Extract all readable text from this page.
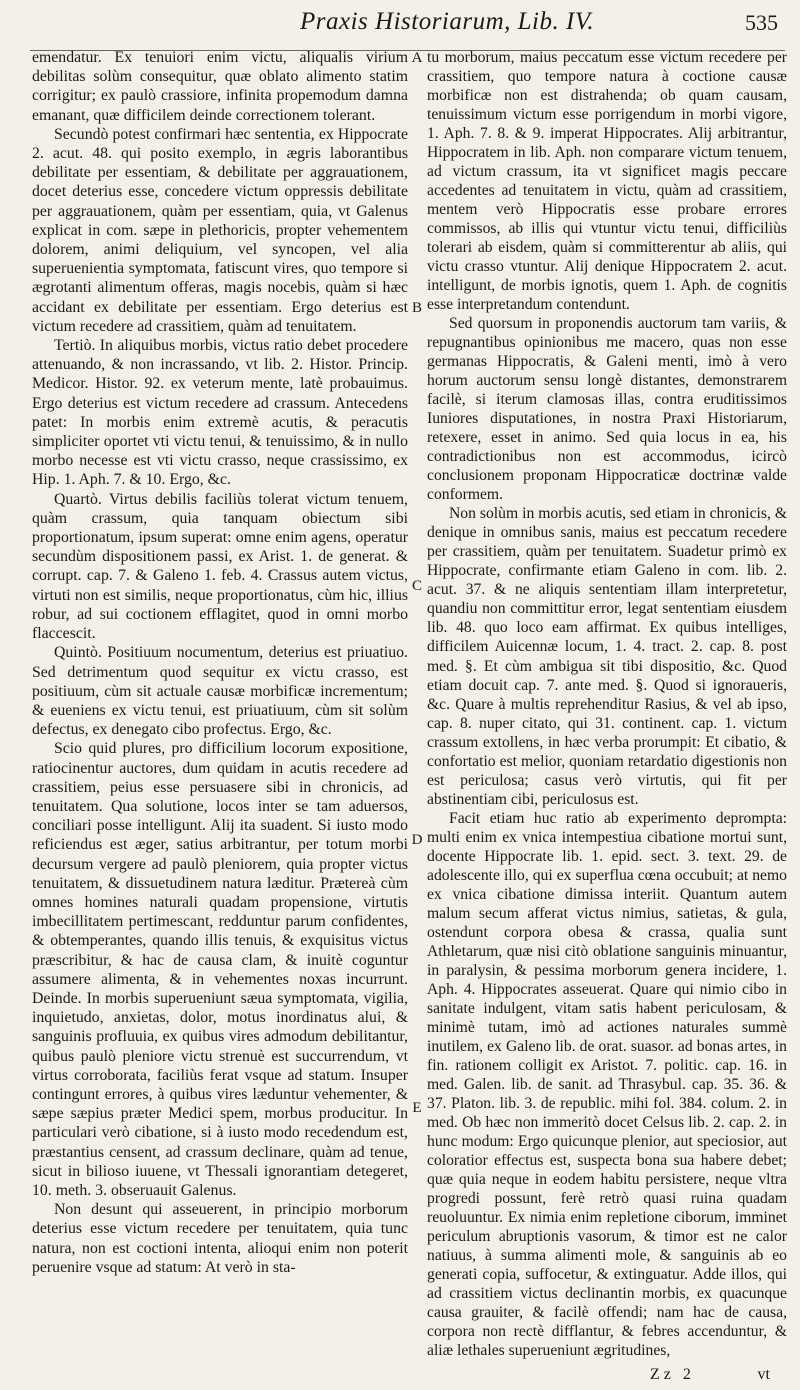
Praxis Historiarum, Lib. IV.	535

emendatur. Ex tenuiori enim victu, aliqualis virium debilitas solùm consequitur, quæ oblato alimento statim corrigitur; ex paulò crassiore, infinita propemodum damna emanant, quæ difficilem deinde correctionem tolerant.

Secundò potest confirmari hæc sententia, ex Hippocrate 2. acut. 48. qui posito exemplo, in ægris laborantibus debilitate per essentiam, & debilitate per aggrauationem, docet deterius esse, concedere victum oppressis debilitate per aggrauationem, quàm per essentiam, quia, vt Galenus explicat in com. sæpe in plethoricis, propter vehementem dolorem, animi deliquium, vel syncopen, vel alia superuenientia symptomata, fatiscunt vires, quo tempore si ægrotanti alimentum offeras, magis nocebis, quàm si hæc accidant ex debilitate per essentiam. Ergo deterius est victum recedere ad crassitiem, quàm ad tenuitatem.

Tertiò. In aliquibus morbis, victus ratio debet procedere attenuando, & non incrassando, vt lib. 2. Histor. Princip. Medicor. Histor. 92. ex veterum mente, latè probauimus. Ergo deterius est victum recedere ad crassum. Antecedens patet: In morbis enim extremè acutis, & peracutis simpliciter oportet vti victu tenui, & tenuissimo, & in nullo morbo necesse est vti victu crasso, neque crassissimo, ex Hip. 1. Aph. 7. & 10. Ergo, &c.

Quartò. Virtus debilis faciliùs tolerat victum tenuem, quàm crassum, quia tanquam obiectum sibi proportionatum, ipsum superat: omne enim agens, operatur secundùm dispositionem passi, ex Arist. 1. de generat. & corrupt. cap. 7. & Galeno 1. feb. 4. Crassus autem victus, virtuti non est similis, neque proportionatus, cùm hic, illius robur, ad sui coctionem efflagitet, quod in omni morbo flaccescit.

Quintò. Positiuum nocumentum, deterius est priuatiuo. Sed detrimentum quod sequitur ex victu crasso, est positiuum, cùm sit actuale causæ morbificæ incrementum; & eueniens ex victu tenui, est priuatiuum, cùm sit solùm defectus, ex denegato cibo profectus. Ergo, &c.

Scio quid plures, pro difficilium locorum expositione, ratiocinentur auctores, dum quidam in acutis recedere ad crassitiem, peius esse persuasere sibi in chronicis, ad tenuitatem. Qua solutione, locos inter se tam aduersos, conciliari posse intelligunt. Alij ita suadent. Si iusto modo reficiendus est æger, satius arbitrantur, per totum morbi decursum vergere ad paulò pleniorem, quia propter victus tenuitatem, & dissuetudinem natura læditur. Prætereà cùm omnes homines naturali quadam propensione, virtutis imbecillitatem pertimescant, redduntur parum confidentes, & obtemperantes, quando illis tenuis, & exquisitus victus præscribitur, & hac de causa clam, & inuitè coguntur assumere alimenta, & in vehementes noxas incurrunt. Deinde. In morbis superueniunt sæua symptomata, vigilia, inquietudo, anxietas, dolor, motus inordinatus alui, & sanguinis profluuia, ex quibus vires admodum debilitantur, quibus paulò pleniore victu strenuè est succurrendum, vt virtus corroborata, faciliùs ferat vsque ad statum. Insuper contingunt errores, à quibus vires læduntur vehementer, & sæpe sæpius præter Medici spem, morbus producitur. In particulari verò cibatione, si à iusto modo recedendum est, præstantius censent, ad crassum declinare, quàm ad tenue, sicut in bilioso iuuene, vt Thessali ignorantiam detegeret, 10. meth. 3. obseruauit Galenus.

Non desunt qui asseuerent, in principio morborum deterius esse victum recedere per tenuitatem, quia tunc natura, non est coctioni intenta, alioqui enim non poterit peruenire vsque ad statum: At verò in sta-

A
B
C
D
E

tu morborum, maius peccatum esse victum recedere per crassitiem, quo tempore natura à coctione causæ morbificæ non est distrahenda; ob quam causam, tenuissimum victum esse porrigendum in morbi vigore, 1. Aph. 7. 8. & 9. imperat Hippocrates. Alij arbitrantur, Hippocratem in lib. Aph. non comparare victum tenuem, ad victum crassum, ita vt significet magis peccare accedentes ad tenuitatem in victu, quàm ad crassitiem, mentem verò Hippocratis esse probare errores commissos, ab illis qui vtuntur victu tenui, difficiliùs tolerari ab eisdem, quàm si committerentur ab aliis, qui victu crasso vtuntur. Alij denique Hippocratem 2. acut. intelligunt, de morbis ignotis, quem 1. Aph. de cognitis esse interpretandum contendunt.

Sed quorsum in proponendis auctorum tam variis, & repugnantibus opinionibus me macero, quas non esse germanas Hippocratis, & Galeni menti, imò à vero horum auctorum sensu longè distantes, demonstrarem facilè, si iterum clamosas illas, contra eruditissimos Iuniores disputationes, in nostra Praxi Historiarum, retexere, esset in animo. Sed quia locus in ea, his contradictionibus non est accommodus, icircò conclusionem proponam Hippocraticæ doctrinæ valde conformem.

Non solùm in morbis acutis, sed etiam in chronicis, & denique in omnibus sanis, maius est peccatum recedere per crassitiem, quàm per tenuitatem. Suadetur primò ex Hippocrate, confirmante etiam Galeno in com. lib. 2. acut. 37. & ne aliquis sententiam illam interpretetur, quandiu non committitur error, legat sententiam eiusdem lib. 48. quo loco eam affirmat. Ex quibus intelliges, difficilem Auicennæ locum, 1. 4. tract. 2. cap. 8. post med. §. Et cùm ambigua sit tibi dispositio, &c. Quod etiam docuit cap. 7. ante med. §. Quod si ignoraueris, &c. Quare à multis reprehenditur Rasius, & vel ab ipso, cap. 8. nuper citato, qui 31. continent. cap. 1. victum crassum extollens, in hæc verba prorumpit: Et cibatio, & confortatio est melior, quoniam retardatio digestionis non est periculosa; casus verò virtutis, qui fit per abstinentiam cibi, periculosus est.

Facit etiam huc ratio ab experimento deprompta: multi enim ex vnica intempestiua cibatione mortui sunt, docente Hippocrate lib. 1. epid. sect. 3. text. 29. de adolescente illo, qui ex superflua cœna occubuit; at nemo ex vnica cibatione dimissa interiit. Quantum autem malum secum afferat victus nimius, satietas, & gula, ostendunt corpora obesa & crassa, qualia sunt Athletarum, quæ nisi citò oblatione sanguinis minuantur, in paralysin, & pessima morborum genera incidere, 1. Aph. 4. Hippocrates asseuerat. Quare qui nimio cibo in sanitate indulgent, vitam satis habent periculosam, & minimè tutam, imò ad actiones naturales summè inutilem, ex Galeno lib. de orat. suasor. ad bonas artes, in fin. rationem colligit ex Aristot. 7. politic. cap. 16. in med. Galen. lib. de sanit. ad Thrasybul. cap. 35. 36. & 37. Platon. lib. 3. de republic. mihi fol. 384. colum. 2. in med. Ob hæc non immeritò docet Celsus lib. 2. cap. 2. in hunc modum: Ergo quicunque plenior, aut speciosior, aut coloratior effectus est, suspecta bona sua habere debet; quæ quia neque in eodem habitu persistere, neque vltra progredi possunt, ferè retrò quasi ruina quadam reuoluuntur. Ex nimia enim repletione ciborum, imminet periculum abruptionis vasorum, & timor est ne calor natiuus, à summa alimenti mole, & sanguinis ab eo generati copia, suffocetur, & extinguatur. Adde illos, qui ad crassitiem victus declinantin morbis, ex quacunque causa grauiter, & facilè offendi; nam hac de causa, corpora non rectè difflantur, & febres accenduntur, & aliæ lethales superueniunt ægritudines,

Zz 2	vt
